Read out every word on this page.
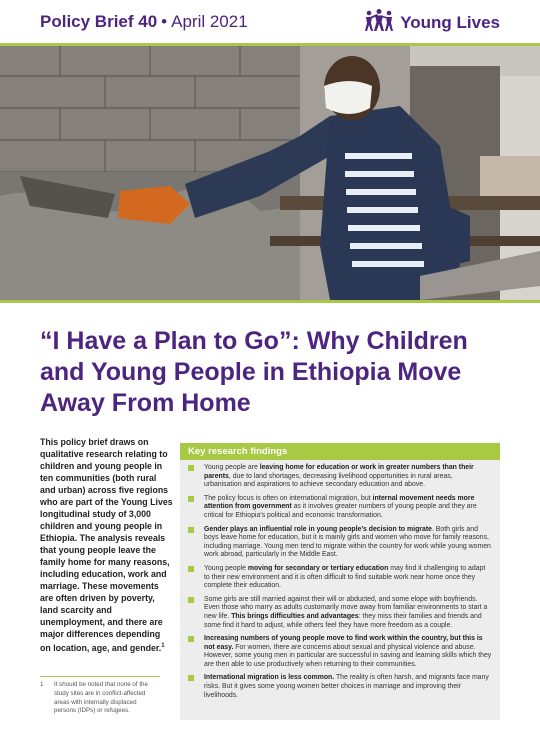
Policy Brief 40 • April 2021	Young Lives
“I Have a Plan to Go”: Why Children and Young People in Ethiopia Move Away From Home

This policy brief draws on qualitative research relating to children and young people in ten communities (both rural and urban) across five regions who are part of the Young Lives longitudinal study of 3,000 children and young people in Ethiopia. The analysis reveals that young people leave the family home for many reasons, including education, work and marriage. These movements are often driven by poverty, land scarcity and unemployment, and there are major differences depending on location, age, and gender.$^1$

1	It should be noted that none of the study sites are in conflict-affected areas with internally displaced persons (IDPs) or refugees.
Key research findings
Young people are leaving home for education or work in greater numbers than their parents, due to land shortages, decreasing livelihood opportunities in rural areas, urbanisation and aspirations to achieve secondary education and above.
The policy focus is often on international migration, but internal movement needs more attention from government as it involves greater numbers of young people and they are critical for Ethiopia’s political and economic transformation.
Gender plays an influential role in young people’s decision to migrate. Both girls and boys leave home for education, but it is mainly girls and women who move for family reasons, including marriage. Young men tend to migrate within the country for work while young women work abroad, particularly in the Middle East.
Young people moving for secondary or tertiary education may find it challenging to adapt to their new environment and it is often difficult to find suitable work near home once they complete their education.
Some girls are still married against their will or abducted, and some elope with boyfriends. Even those who marry as adults customarily move away from familiar environments to start a new life. This brings difficulties and advantages: they miss their families and friends and some find it hard to adjust, while others feel they have more freedom as a couple.
Increasing numbers of young people move to find work within the country, but this is not easy. For women, there are concerns about sexual and physical violence and abuse. However, some young men in particular are successful in saving and learning skills which they are then able to use productively when returning to their communities.
International migration is less common. The reality is often harsh, and migrants face many risks. But it gives some young women better choices in marriage and improving their livelihoods.
